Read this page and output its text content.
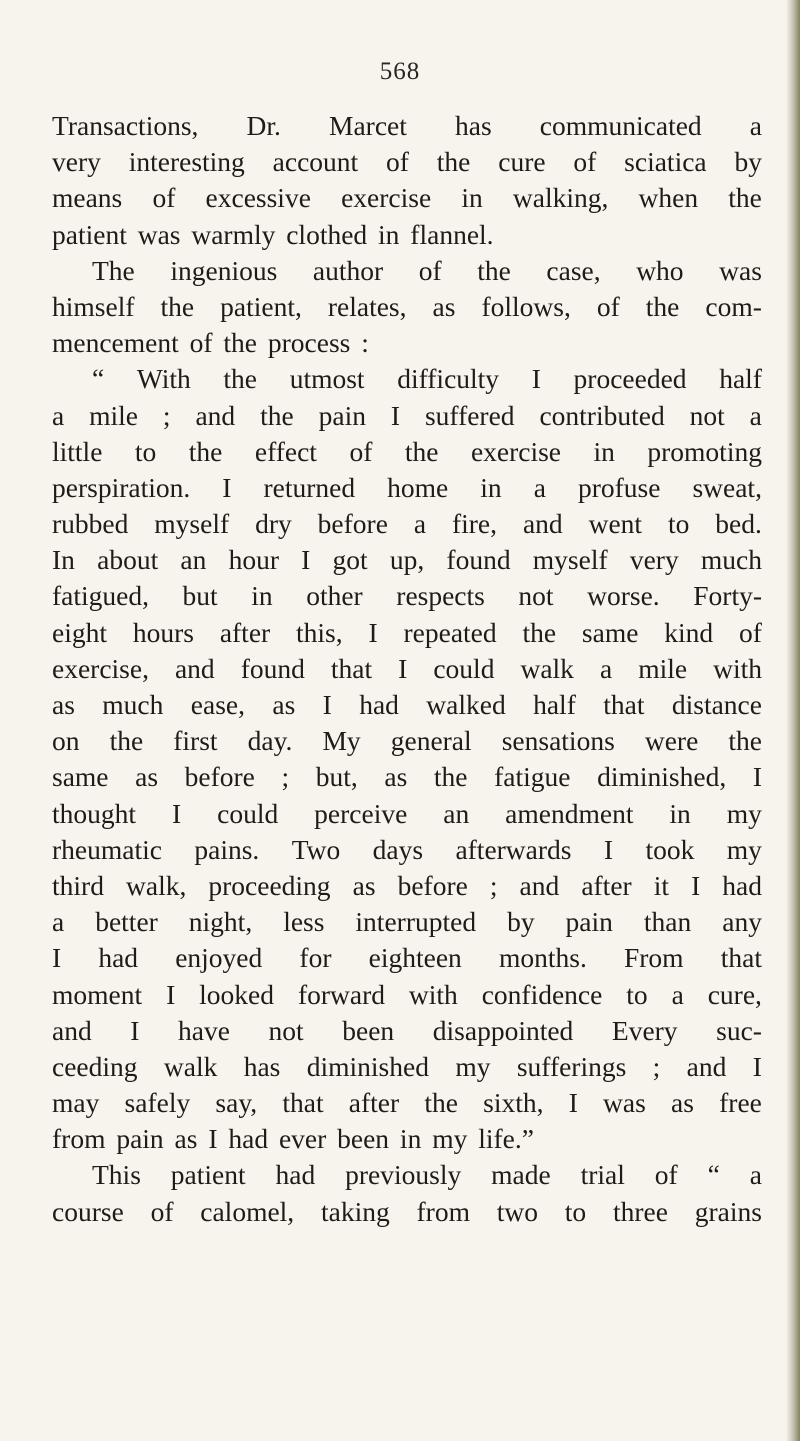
568
Transactions, Dr. Marcet has communicated a
very interesting account of the cure of sciatica by
means of excessive exercise in walking, when the
patient was warmly clothed in flannel.
The ingenious author of the case, who was
himself the patient, relates, as follows, of the com-
mencement of the process :
“ With the utmost difficulty I proceeded half
a mile ; and the pain I suffered contributed not a
little to the effect of the exercise in promoting
perspiration. I returned home in a profuse sweat,
rubbed myself dry before a fire, and went to bed.
In about an hour I got up, found myself very much
fatigued, but in other respects not worse. Forty-
eight hours after this, I repeated the same kind of
exercise, and found that I could walk a mile with
as much ease, as I had walked half that distance
on the first day. My general sensations were the
same as before ; but, as the fatigue diminished, I
thought I could perceive an amendment in my
rheumatic pains. Two days afterwards I took my
third walk, proceeding as before ; and after it I had
a better night, less interrupted by pain than any
I had enjoyed for eighteen months. From that
moment I looked forward with confidence to a cure,
and I have not been disappointed Every suc-
ceeding walk has diminished my sufferings ; and I
may safely say, that after the sixth, I was as free
from pain as I had ever been in my life.”
This patient had previously made trial of “ a
course of calomel, taking from two to three grains
